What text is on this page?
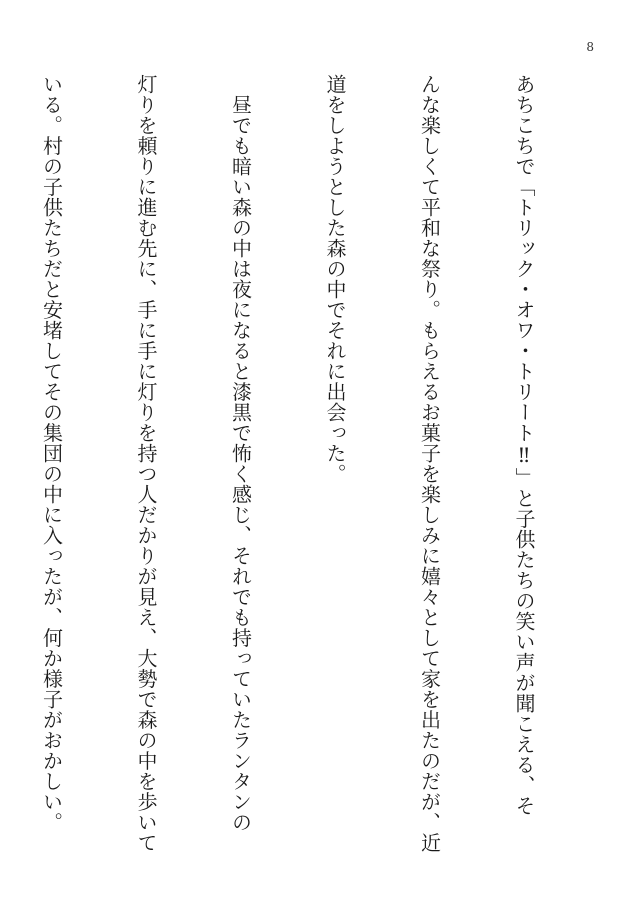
8

あちこちで「トリック・オワ・トリート‼」と子供たちの笑い声が聞こえる、そ

んな楽しくて平和な祭り。もらえるお菓子を楽しみに嬉々として家を出たのだが、近

道をしようとした森の中でそれに出会った。

　昼でも暗い森の中は夜になると漆黒で怖く感じ、それでも持っていたランタンの

灯りを頼りに進む先に、手に手に灯りを持つ人だかりが見え、大勢で森の中を歩いて

いる。村の子供たちだと安堵してその集団の中に入ったが、何か様子がおかしい。
